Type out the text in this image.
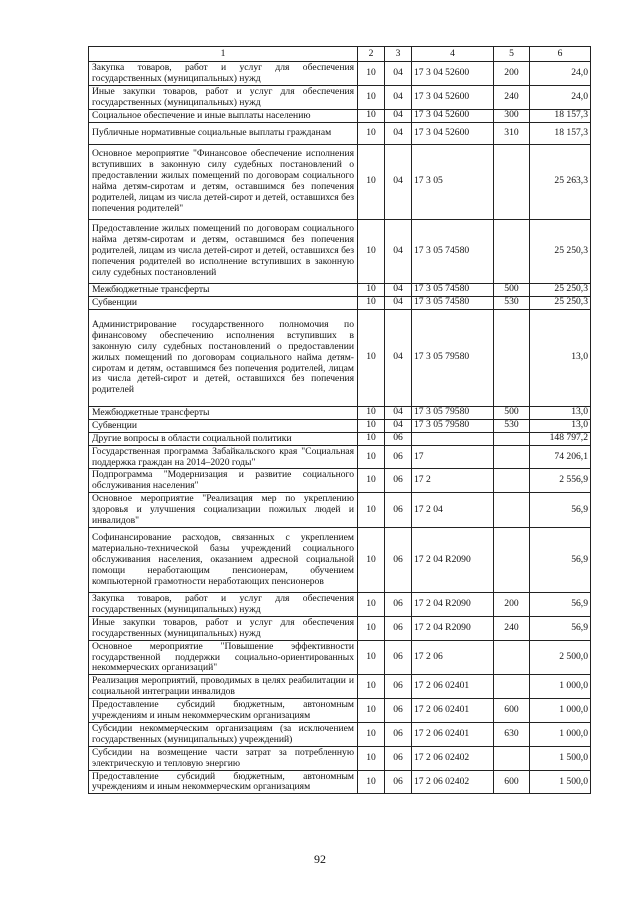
1	2	3	4	5	6
Закупка товаров, работ и услуг для обеспечения государственных (муниципальных) нужд	10	04	17 3 04 52600	200	24,0
Иные закупки товаров, работ и услуг для обеспечения государственных (муниципальных) нужд	10	04	17 3 04 52600	240	24,0
Социальное обеспечение и иные выплаты населению	10	04	17 3 04 52600	300	18 157,3
Публичные нормативные социальные выплаты гражданам	10	04	17 3 04 52600	310	18 157,3
Основное мероприятие "Финансовое обеспечение исполнения вступивших в законную силу судебных постановлений о предоставлении жилых помещений по договорам социального найма детям-сиротам и детям, оставшимся без попечения родителей, лицам из числа детей-сирот и детей, оставшихся без попечения родителей"	10	04	17 3 05		25 263,3
Предоставление жилых помещений по договорам социального найма детям-сиротам и детям, оставшимся без попечения родителей, лицам из числа детей-сирот и детей, оставшихся без попечения родителей во исполнение вступивших в законную силу судебных постановлений	10	04	17 3 05 74580		25 250,3
Межбюджетные трансферты	10	04	17 3 05 74580	500	25 250,3
Субвенции	10	04	17 3 05 74580	530	25 250,3
Администрирование государственного полномочия по финансовому обеспечению исполнения вступивших в законную силу судебных постановлений о предоставлении жилых помещений по договорам социального найма детям-сиротам и детям, оставшимся без попечения родителей, лицам из числа детей-сирот и детей, оставшихся без попечения родителей	10	04	17 3 05 79580		13,0
Межбюджетные трансферты	10	04	17 3 05 79580	500	13,0
Субвенции	10	04	17 3 05 79580	530	13,0
Другие вопросы в области социальной политики	10	06			148 797,2
Государственная программа Забайкальского края "Социальная поддержка граждан на 2014–2020 годы"	10	06	17		74 206,1
Подпрограмма "Модернизация и развитие социального обслуживания населения"	10	06	17 2		2 556,9
Основное мероприятие "Реализация мер по укреплению здоровья и улучшения социализации пожилых людей и инвалидов"	10	06	17 2 04		56,9
Софинансирование расходов, связанных с укреплением материально-технической базы учреждений социального обслуживания населения, оказанием адресной социальной помощи неработающим пенсионерам, обучением компьютерной грамотности неработающих пенсионеров	10	06	17 2 04 R2090		56,9
Закупка товаров, работ и услуг для обеспечения государственных (муниципальных) нужд	10	06	17 2 04 R2090	200	56,9
Иные закупки товаров, работ и услуг для обеспечения государственных (муниципальных) нужд	10	06	17 2 04 R2090	240	56,9
Основное мероприятие "Повышение эффективности государственной поддержки социально-ориентированных некоммерческих организаций"	10	06	17 2 06		2 500,0
Реализация мероприятий, проводимых в целях реабилитации и социальной интеграции инвалидов	10	06	17 2 06 02401		1 000,0
Предоставление субсидий бюджетным, автономным учреждениям и иным некоммерческим организациям	10	06	17 2 06 02401	600	1 000,0
Субсидии некоммерческим организациям (за исключением государственных (муниципальных) учреждений)	10	06	17 2 06 02401	630	1 000,0
Субсидии на возмещение части затрат за потребленную электрическую и тепловую энергию	10	06	17 2 06 02402		1 500,0
Предоставление субсидий бюджетным, автономным учреждениям и иным некоммерческим организациям	10	06	17 2 06 02402	600	1 500,0
92
